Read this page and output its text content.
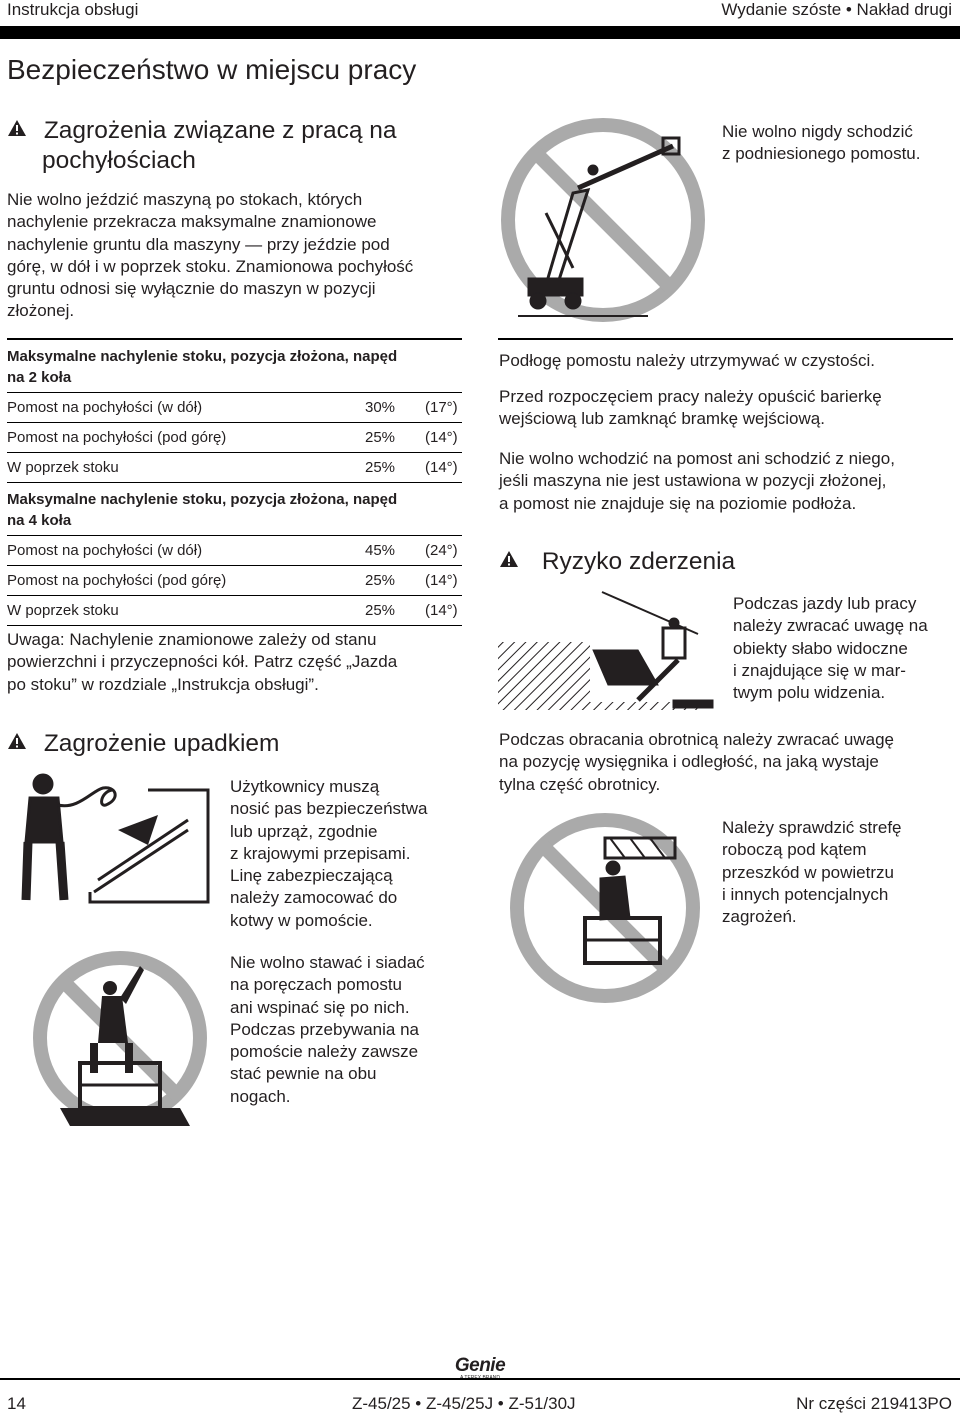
Instrukcja obsługi	Wydanie szóste • Nakład drugi
Bezpieczeństwo w miejscu pracy
Zagrożenia związane z pracą na
pochyłościach
Nie wolno jeździć maszyną po stokach, których
nachylenie przekracza maksymalne znamionowe
nachylenie gruntu dla maszyny — przy jeździe pod
górę, w dół i w poprzek stoku. Znamionowa pochyłość
gruntu odnosi się wyłącznie do maszyn w pozycji
złożonej.
Maksymalne nachylenie stoku, pozycja złożona, napęd
na 2 koła
Pomost na pochyłości (w dół)	30% (17°)
Pomost na pochyłości (pod górę)	25% (14°)
W poprzek stoku	25% (14°)
Maksymalne nachylenie stoku, pozycja złożona, napęd
na 4 koła
Pomost na pochyłości (w dół)	45% (24°)
Pomost na pochyłości (pod górę)	25% (14°)
W poprzek stoku	25% (14°)
Uwaga: Nachylenie znamionowe zależy od stanu
powierzchni i przyczepności kół. Patrz część „Jazda
po stoku” w rozdziale „Instrukcja obsługi”.
Zagrożenie upadkiem
Użytkownicy muszą
nosić pas bezpieczeństwa
lub uprząż, zgodnie
z krajowymi przepisami.
Linę zabezpieczającą
należy zamocować do
kotwy w pomoście.
Nie wolno stawać i siadać
na poręczach pomostu
ani wspinać się po nich.
Podczas przebywania na
pomoście należy zawsze
stać pewnie na obu
nogach.
Nie wolno nigdy schodzić
z podniesionego pomostu.
Podłogę pomostu należy utrzymywać w czystości.
Przed rozpoczęciem pracy należy opuścić barierkę
wejściową lub zamknąć bramkę wejściową.
Nie wolno wchodzić na pomost ani schodzić z niego,
jeśli maszyna nie jest ustawiona w pozycji złożonej,
a pomost nie znajduje się na poziomie podłoża.
Ryzyko zderzenia
Podczas jazdy lub pracy
należy zwracać uwagę na
obiekty słabo widoczne
i znajdujące się w mar-
twym polu widzenia.
Podczas obracania obrotnicą należy zwracać uwagę
na pozycję wysięgnika i odległość, na jaką wystaje
tylna część obrotnicy.
Należy sprawdzić strefę
roboczą pod kątem
przeszkód w powietrzu
i innych potencjalnych
zagrożeń.
Genie
14	Z-45/25 • Z-45/25J • Z-51/30J	Nr części 219413PO
